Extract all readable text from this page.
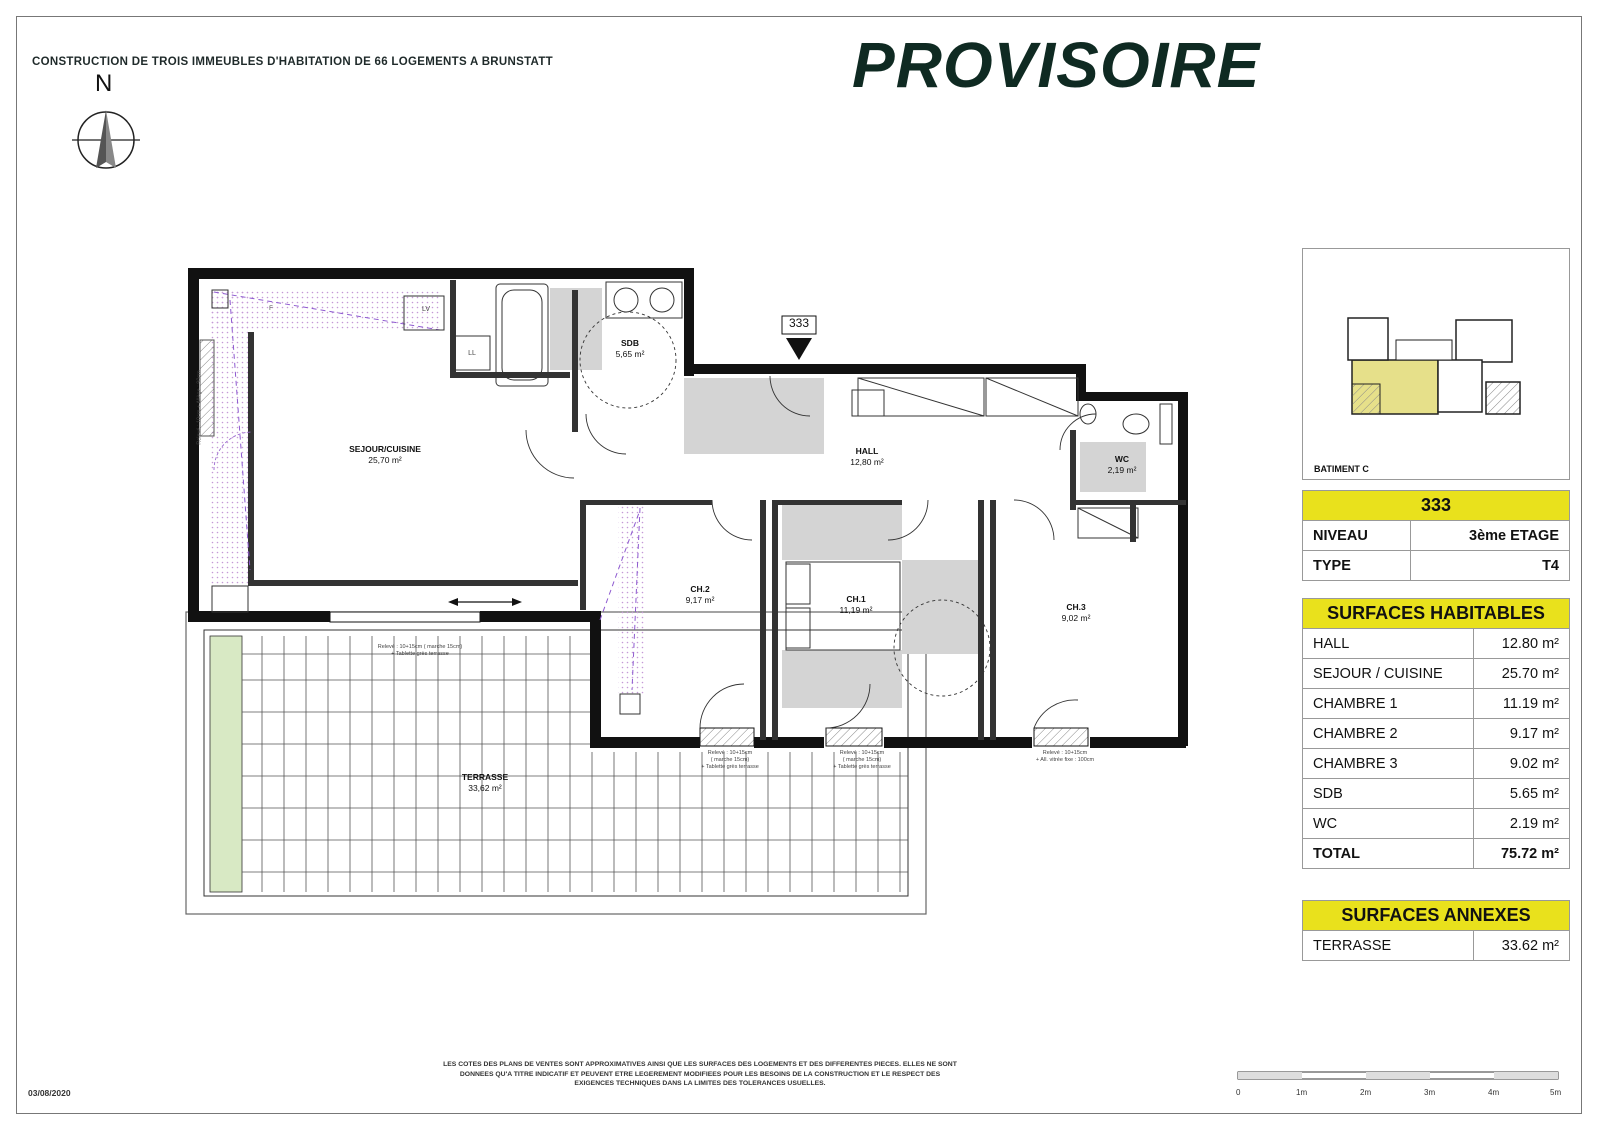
CONSTRUCTION DE TROIS IMMEUBLES D'HABITATION DE 66 LOGEMENTS A BRUNSTATT	PROVISOIRE
N
333
SEJOUR/CUISINE
25,70 m²
SDB
5,65 m²
HALL
12,80 m²	WC
2,19 m²
CH.2
9,17 m²	CH.1
11,19 m²	CH.3
9,02 m²
TERRASSE
33,62 m²
LV
LL
F
Relevé : 10cm + Allège : 90cm
Relevé : 10+15cm ( marche 15cm)
+ Tablette grès terrasse
Relevé : 10+15cm
( marche 15cm)
+ Tablette grès terrasse
Relevé : 10+15cm
( marche 15cm)
+ Tablette grès terrasse
Relevé : 10+15cm
+ All. vitrée fixe : 100cm
BATIMENT C
333	
NIVEAU	3ème ETAGE
TYPE	T4
SURFACES HABITABLES	
HALL	12.80 m²
SEJOUR / CUISINE	25.70 m²
CHAMBRE 1	11.19 m²
CHAMBRE 2	9.17 m²
CHAMBRE 3	9.02 m²
SDB	5.65 m²
WC	2.19 m²
TOTAL	75.72 m²
SURFACES ANNEXES
TERRASSE	33.62 m²
LES COTES DES PLANS DE VENTES SONT APPROXIMATIVES AINSI QUE LES SURFACES DES LOGEMENTS ET DES DIFFERENTES PIECES. ELLES NE SONT
DONNEES QU'A TITRE INDICATIF ET PEUVENT ETRE LEGEREMENT MODIFIEES POUR LES BESOINS DE LA CONSTRUCTION ET LE RESPECT DES
EXIGENCES TECHNIQUES DANS LA LIMITES DES TOLERANCES USUELLES.
03/08/2020	0	1m	2m	3m	4m	5m
